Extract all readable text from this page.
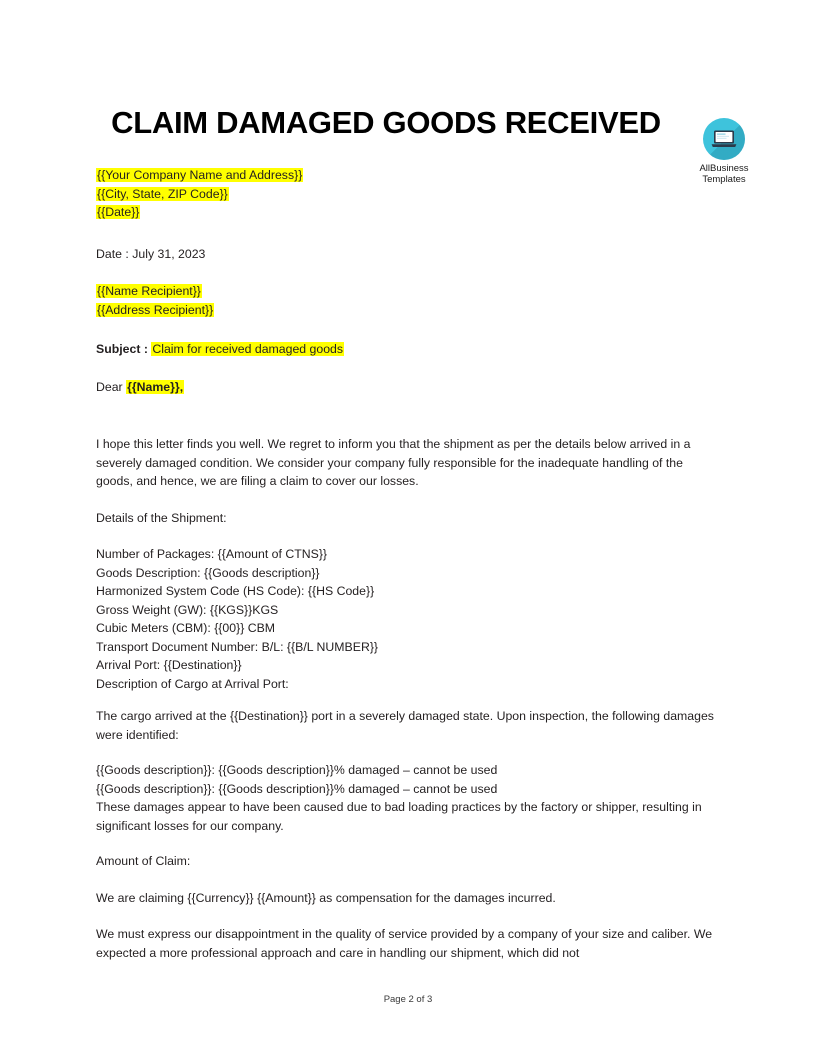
CLAIM DAMAGED GOODS RECEIVED
AllBusiness
Templates
{{Your Company Name and Address}}
{{City, State, ZIP Code}}
{{Date}}
Date : July 31, 2023
{{Name Recipient}}
{{Address Recipient}}
Subject : Claim for received damaged goods
Dear {{Name}},
I hope this letter finds you well. We regret to inform you that the shipment as per the details below arrived in a severely damaged condition. We consider your company fully responsible for the inadequate handling of the goods, and hence, we are filing a claim to cover our losses.
Details of the Shipment:
Number of Packages: {{Amount of CTNS}}
Goods Description: {{Goods description}}
Harmonized System Code (HS Code): {{HS Code}}
Gross Weight (GW): {{KGS}}KGS
Cubic Meters (CBM): {{00}} CBM
Transport Document Number: B/L: {{B/L NUMBER}}
Arrival Port: {{Destination}}
Description of Cargo at Arrival Port:
The cargo arrived at the {{Destination}} port in a severely damaged state. Upon inspection, the following damages were identified:
{{Goods description}}: {{Goods description}}% damaged – cannot be used
{{Goods description}}: {{Goods description}}% damaged – cannot be used
These damages appear to have been caused due to bad loading practices by the factory or shipper, resulting in significant losses for our company.
Amount of Claim:
We are claiming {{Currency}} {{Amount}} as compensation for the damages incurred.
We must express our disappointment in the quality of service provided by a company of your size and caliber. We expected a more professional approach and care in handling our shipment, which did not
Page 2 of 3
